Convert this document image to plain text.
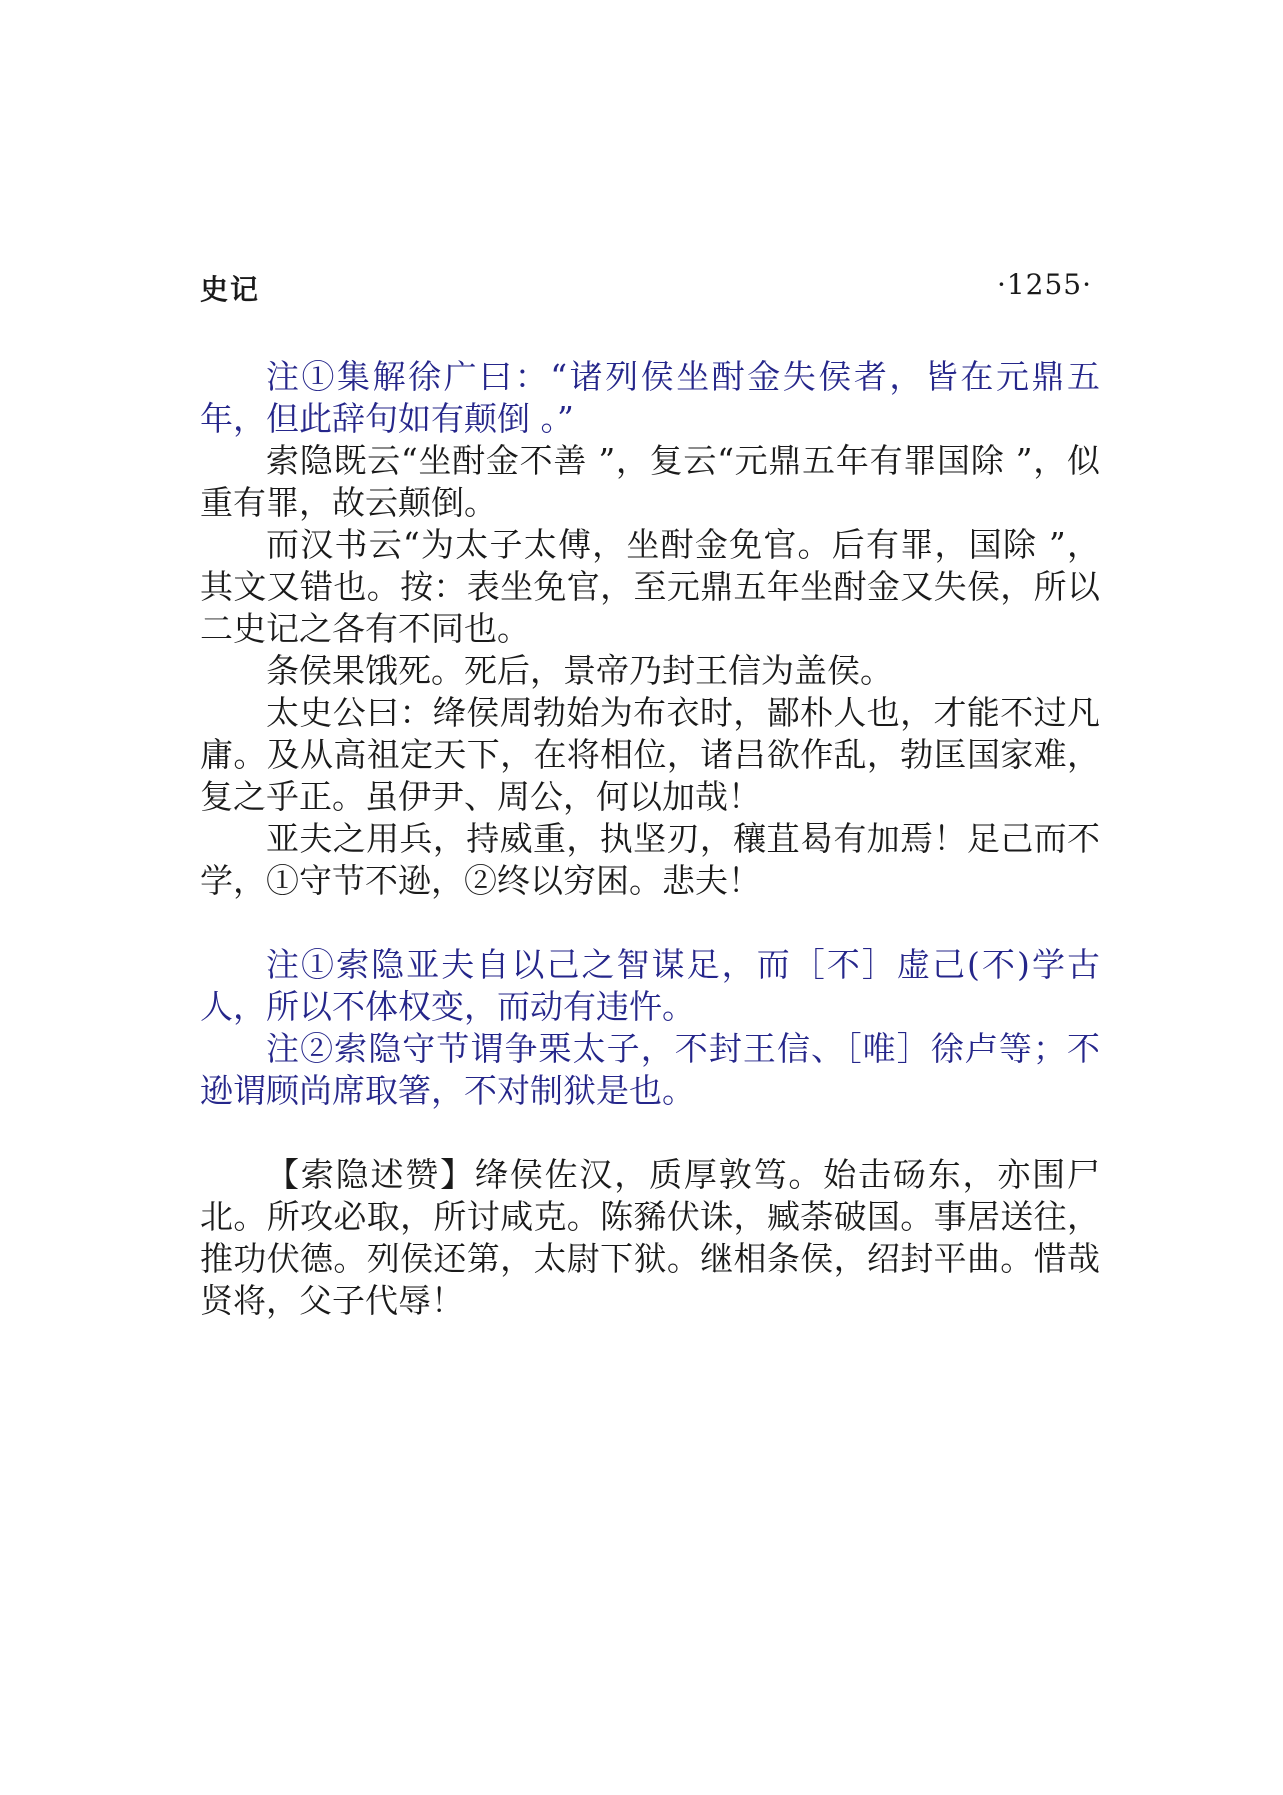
史记	·1255·

注①集解徐广曰：“诸列侯坐酎金失侯者，皆在元鼎五年，但此辞句如有颠倒 。”

索隐既云“坐酎金不善 ”，复云“元鼎五年有罪国除 ”，似重有罪，故云颠倒。

而汉书云“为太子太傅，坐酎金免官。后有罪，国除 ”，其文又错也。按：表坐免官，至元鼎五年坐酎金又失侯，所以二史记之各有不同也。

条侯果饿死。死后，景帝乃封王信为盖侯。

太史公曰：绛侯周勃始为布衣时，鄙朴人也，才能不过凡庸。及从高祖定天下，在将相位，诸吕欲作乱，勃匡国家难，复之乎正。虽伊尹、周公，何以加哉！

亚夫之用兵，持威重，执坚刃，穰苴曷有加焉！足己而不学，①守节不逊，②终以穷困。悲夫！

注①索隐亚夫自以己之智谋足，而［不］虚己(不)学古人，所以不体权变，而动有违忤。

注②索隐守节谓争栗太子，不封王信、［唯］徐卢等；不逊谓顾尚席取箸，不对制狱是也。

【索隐述赞】绛侯佐汉，质厚敦笃。始击砀东，亦围尸北。所攻必取，所讨咸克。陈豨伏诛，臧荼破国。事居送往，推功伏德。列侯还第，太尉下狱。继相条侯，绍封平曲。惜哉贤将，父子代辱！
